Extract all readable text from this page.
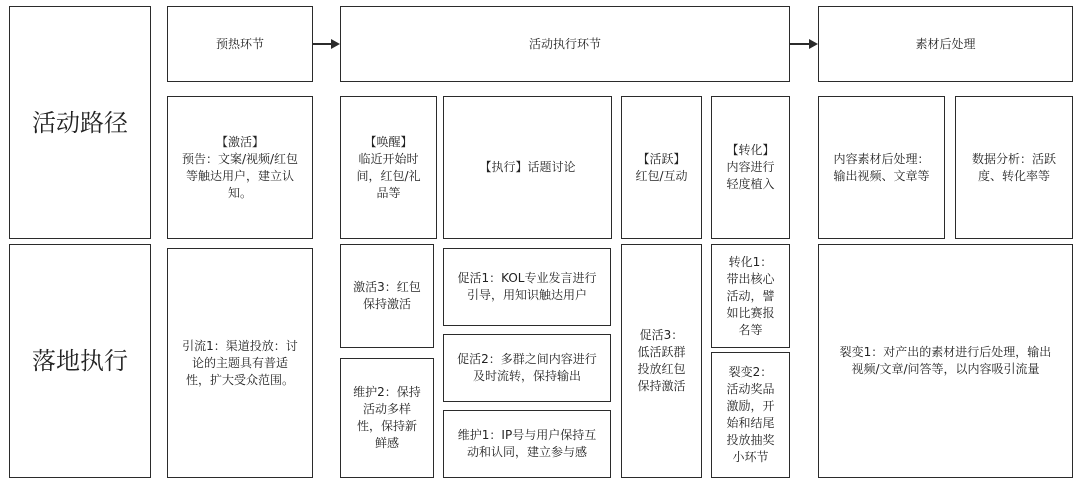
活动路径
落地执行
预热环节	活动执行环节	素材后处理
【激活】
预告：文案/视频/红包
等触达用户，建立认
知。
【唤醒】
临近开始时
间，红包/礼
品等
【执行】话题讨论
【活跃】
红包/互动
【转化】
内容进行
轻度植入
内容素材后处理：
输出视频、文章等
数据分析：活跃
度、转化率等
引流1：渠道投放：讨
论的主题具有普适
性，扩大受众范围。
激活3：红包
保持激活
维护2：保持
活动多样
性，保持新
鲜感
促活1：KOL专业发言进行
引导，用知识触达用户
促活2：多群之间内容进行
及时流转，保持输出
维护1：IP号与用户保持互
动和认同，建立参与感
促活3：
低活跃群
投放红包
保持激活
转化1：
带出核心
活动，譬
如比赛报
名等
裂变2：
活动奖品
激励，开
始和结尾
投放抽奖
小环节
裂变1：对产出的素材进行后处理，输出
视频/文章/问答等，以内容吸引流量
